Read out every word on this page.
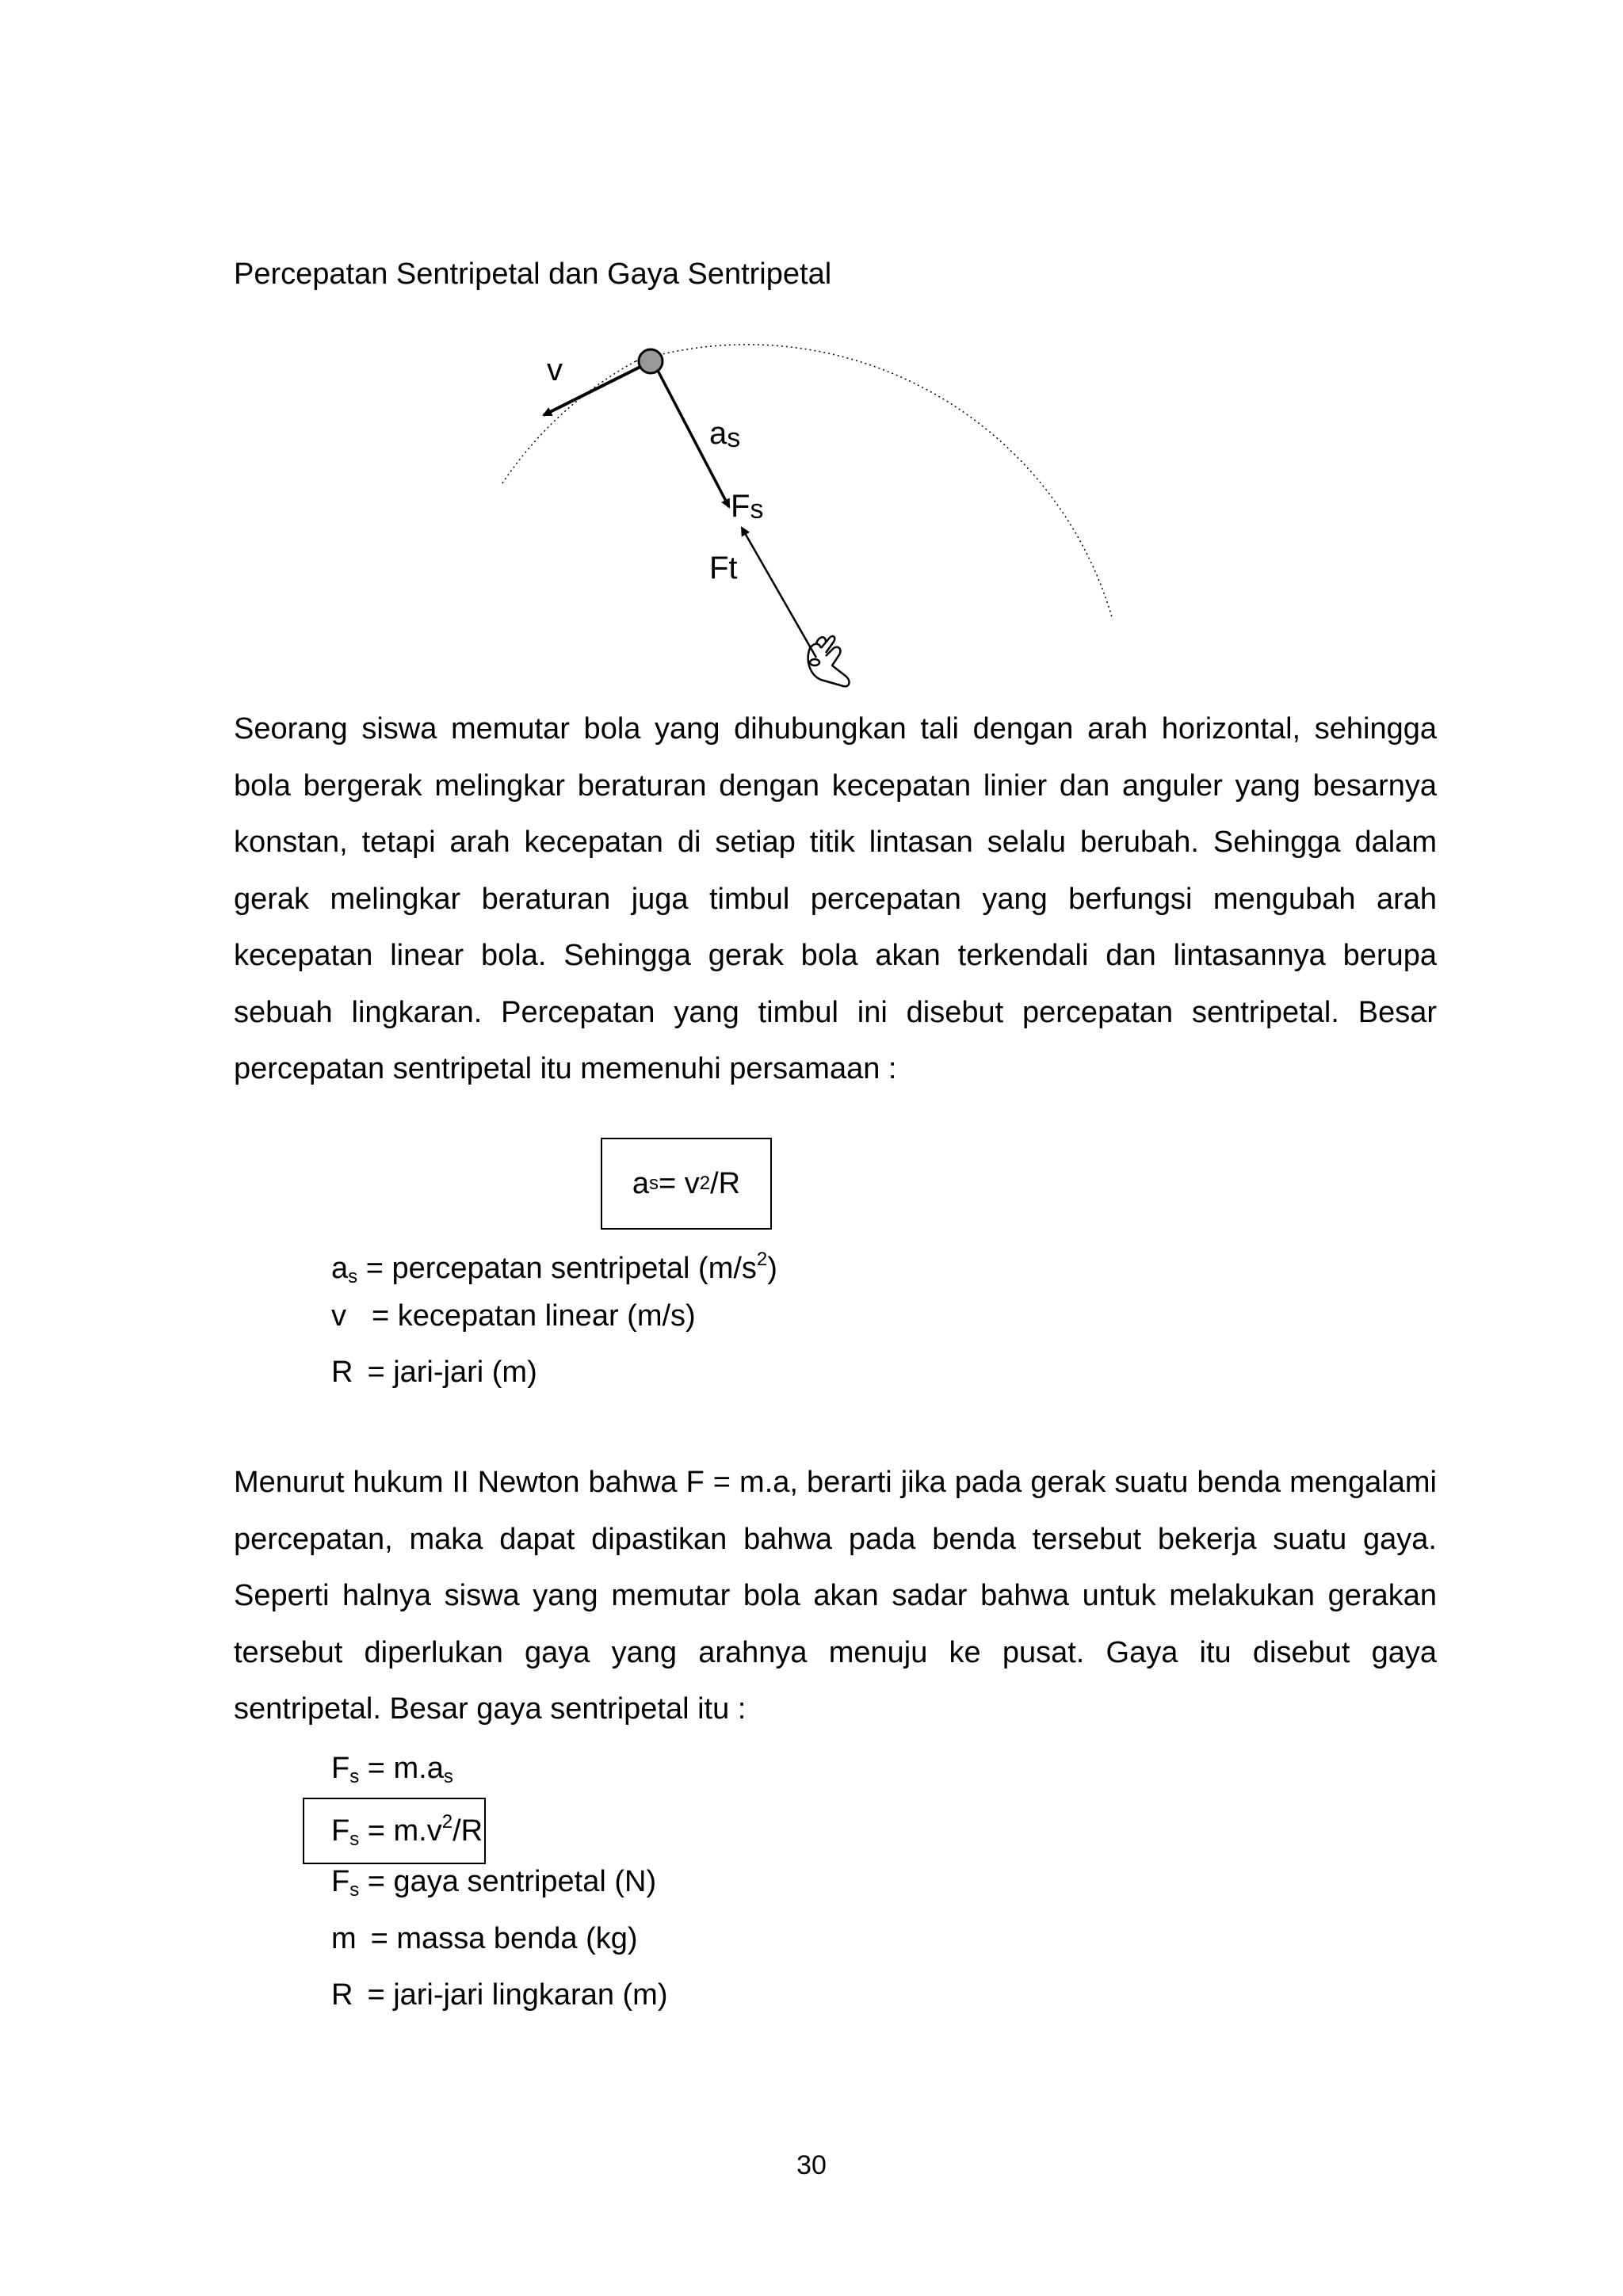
Percepatan Sentripetal dan Gaya Sentripetal
v
as
Fs
Ft

Seorang siswa memutar bola yang dihubungkan tali dengan arah horizontal, sehingga bola bergerak melingkar beraturan dengan kecepatan linier dan anguler yang besarnya konstan, tetapi arah kecepatan di setiap titik lintasan selalu berubah. Sehingga dalam gerak melingkar beraturan juga timbul percepatan yang berfungsi mengubah arah kecepatan linear bola. Sehingga gerak bola akan terkendali dan lintasannya berupa sebuah lingkaran. Percepatan yang timbul ini disebut percepatan sentripetal. Besar percepatan sentripetal itu memenuhi persamaan :

a s = v 2 /R
$a_s$ = percepatan sentripetal $(m/s^2)$
v = kecepatan linear (m/s)
R = jari-jari (m)

Menurut hukum II Newton bahwa F = m.a, berarti jika pada gerak suatu benda mengalami percepatan, maka dapat dipastikan bahwa pada benda tersebut bekerja suatu gaya. Seperti halnya siswa yang memutar bola akan sadar bahwa untuk melakukan gerakan tersebut diperlukan gaya yang arahnya menuju ke pusat. Gaya itu disebut gaya sentripetal. Besar gaya sentripetal itu :

$F_s = m.a_s$
$F_s = m.v^2/R$
$F_s$ = gaya sentripetal (N)
m = massa benda (kg)
R = jari-jari lingkaran (m)
30
